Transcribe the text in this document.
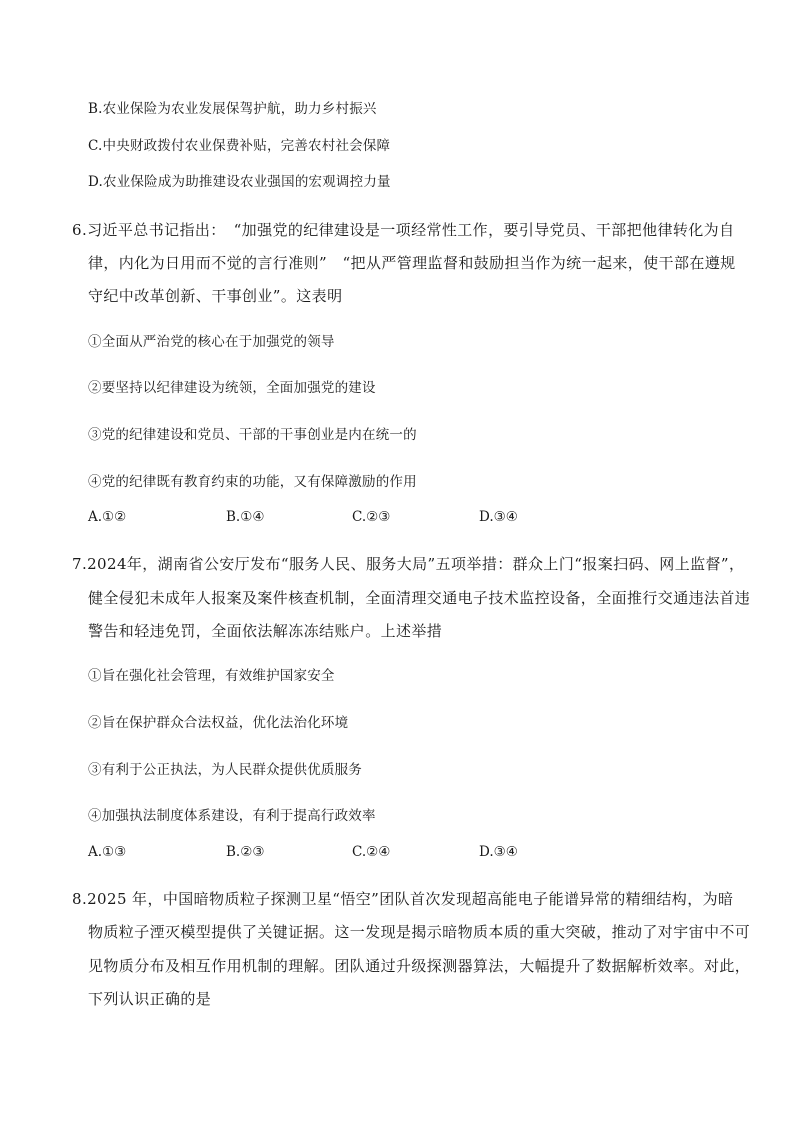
B.农业保险为农业发展保驾护航，助力乡村振兴
C.中央财政拨付农业保费补贴，完善农村社会保障
D.农业保险成为助推建设农业强国的宏观调控力量
6.习近平总书记指出：　“加强党的纪律建设是一项经常性工作，要引导党员、干部把他律转化为自
律，内化为日用而不觉的言行准则”　“把从严管理监督和鼓励担当作为统一起来，使干部在遵规
守纪中改革创新、干事创业”。这表明
①全面从严治党的核心在于加强党的领导
②要坚持以纪律建设为统领，全面加强党的建设
③党的纪律建设和党员、干部的干事创业是内在统一的
④党的纪律既有教育约束的功能，又有保障激励的作用
A.①②	B.①④	C.②③	D.③④
7.2024年，湖南省公安厅发布“服务人民、服务大局”五项举措：群众上门“报案扫码、网上监督”，
健全侵犯未成年人报案及案件核查机制，全面清理交通电子技术监控设备，全面推行交通违法首违
警告和轻违免罚，全面依法解冻冻结账户。上述举措
①旨在强化社会管理，有效维护国家安全
②旨在保护群众合法权益，优化法治化环境
③有利于公正执法，为人民群众提供优质服务
④加强执法制度体系建设，有利于提高行政效率
A.①③	B.②③	C.②④	D.③④
8.2025 年，中国暗物质粒子探测卫星“悟空”团队首次发现超高能电子能谱异常的精细结构，为暗
物质粒子湮灭模型提供了关键证据。这一发现是揭示暗物质本质的重大突破，推动了对宇宙中不可
见物质分布及相互作用机制的理解。团队通过升级探测器算法，大幅提升了数据解析效率。对此，
下列认识正确的是
